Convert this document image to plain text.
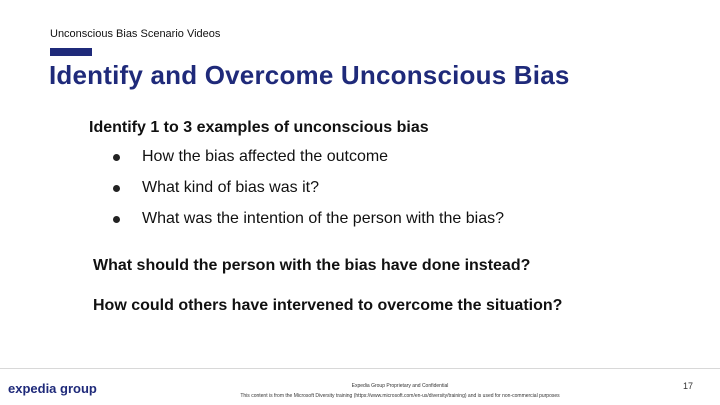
Unconscious Bias Scenario Videos
Identify and Overcome Unconscious Bias
Identify 1 to 3 examples of unconscious bias
How the bias affected the outcome
What kind of bias was it?
What was the intention of the person with the bias?
What should the person with the bias have done instead?
How could others have intervened to overcome the situation?
expedia group	Expedia Group Proprietary and Confidential
This content is from the Microsoft Diversity training (https://www.microsoft.com/en-us/diversity/training) and is used for non-commercial purposes
17
